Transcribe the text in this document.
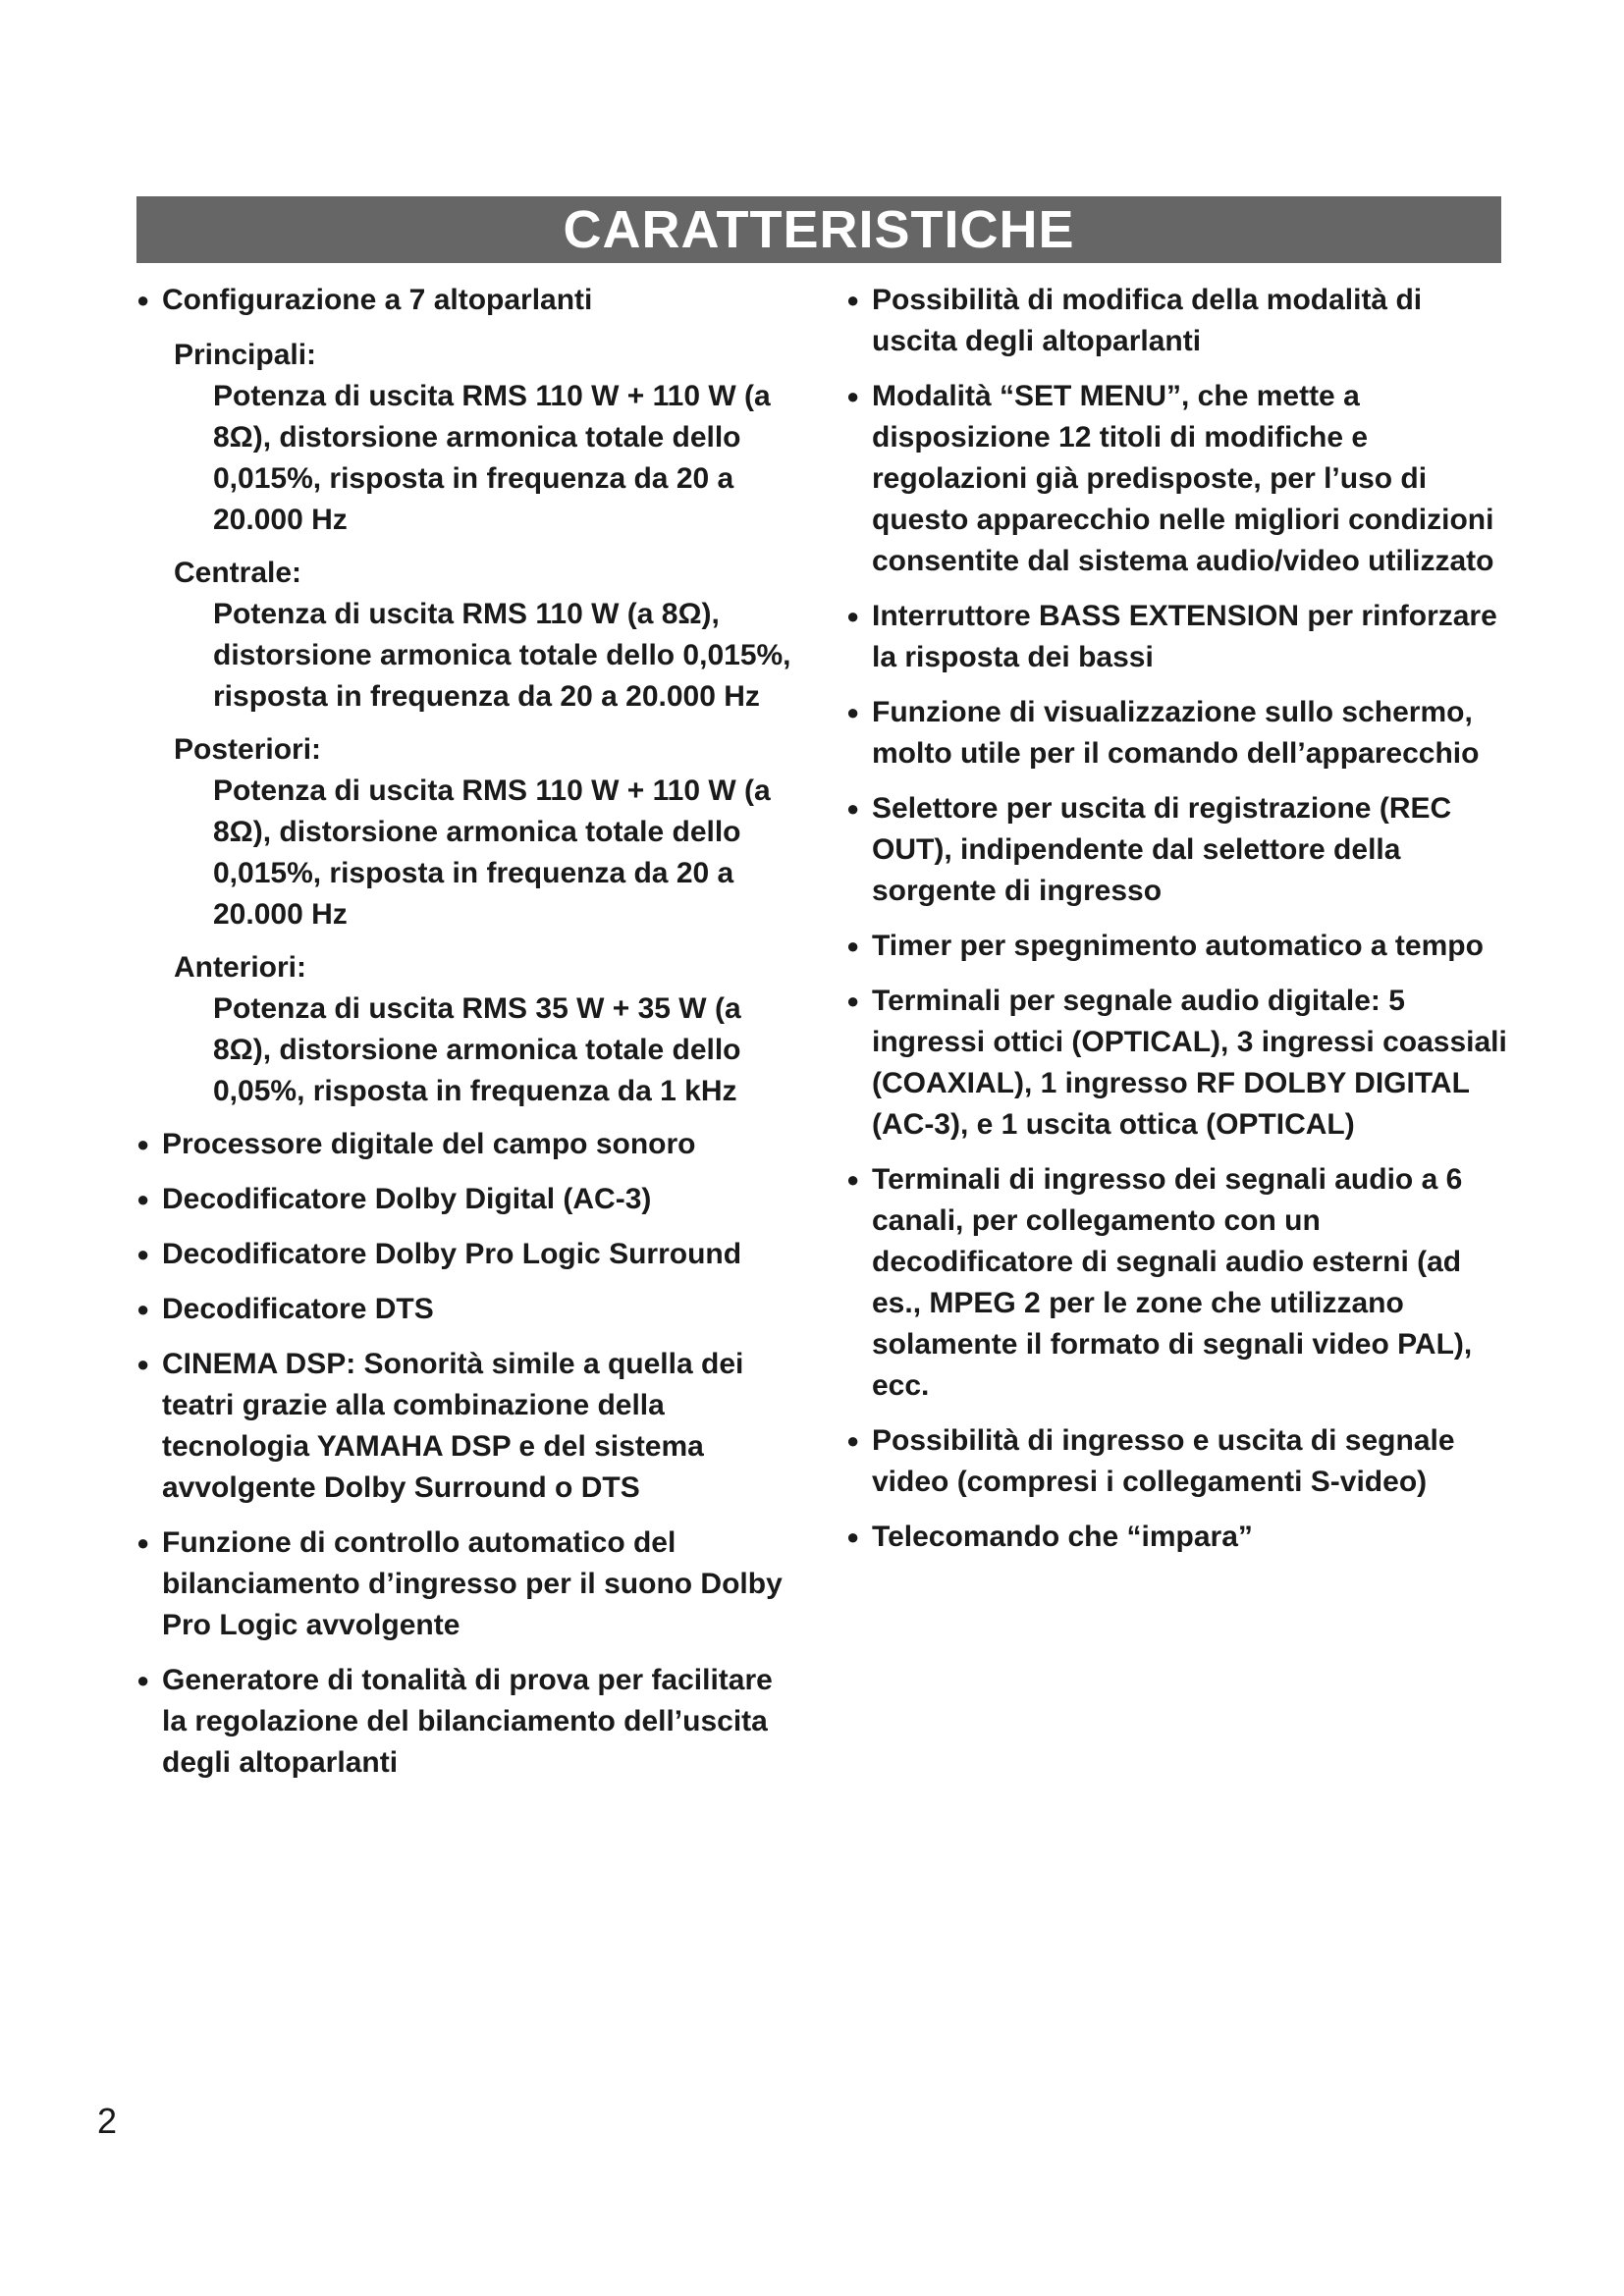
CARATTERISTICHE
● Configurazione a 7 altoparlanti
Principali:
Potenza di uscita RMS 110 W + 110 W (a 8Ω), distorsione armonica totale dello 0,015%, risposta in frequenza da 20 a 20.000 Hz
Centrale:
Potenza di uscita RMS 110 W (a 8Ω), distorsione armonica totale dello 0,015%, risposta in frequenza da 20 a 20.000 Hz
Posteriori:
Potenza di uscita RMS 110 W + 110 W (a 8Ω), distorsione armonica totale dello 0,015%, risposta in frequenza da 20 a 20.000 Hz
Anteriori:
Potenza di uscita RMS 35 W + 35 W (a 8Ω), distorsione armonica totale dello 0,05%, risposta in frequenza da 1 kHz
● Processore digitale del campo sonoro
● Decodificatore Dolby Digital (AC-3)
● Decodificatore Dolby Pro Logic Surround
● Decodificatore DTS
● CINEMA DSP: Sonorità simile a quella dei teatri grazie alla combinazione della tecnologia YAMAHA DSP e del sistema avvolgente Dolby Surround o DTS
● Funzione di controllo automatico del bilanciamento d’ingresso per il suono Dolby Pro Logic avvolgente
● Generatore di tonalità di prova per facilitare la regolazione del bilanciamento dell’uscita degli altoparlanti
● Possibilità di modifica della modalità di uscita degli altoparlanti
● Modalità “SET MENU”, che mette a disposizione 12 titoli di modifiche e regolazioni già predisposte, per l’uso di questo apparecchio nelle migliori condizioni consentite dal sistema audio/video utilizzato
● Interruttore BASS EXTENSION per rinforzare la risposta dei bassi
● Funzione di visualizzazione sullo schermo, molto utile per il comando dell’apparecchio
● Selettore per uscita di registrazione (REC OUT), indipendente dal selettore della sorgente di ingresso
● Timer per spegnimento automatico a tempo
● Terminali per segnale audio digitale: 5 ingressi ottici (OPTICAL), 3 ingressi coassiali (COAXIAL), 1 ingresso RF DOLBY DIGITAL (AC-3), e 1 uscita ottica (OPTICAL)
● Terminali di ingresso dei segnali audio a 6 canali, per collegamento con un decodificatore di segnali audio esterni (ad es., MPEG 2 per le zone che utilizzano solamente il formato di segnali video PAL), ecc.
● Possibilità di ingresso e uscita di segnale video (compresi i collegamenti S-video)
● Telecomando che “impara”
2
